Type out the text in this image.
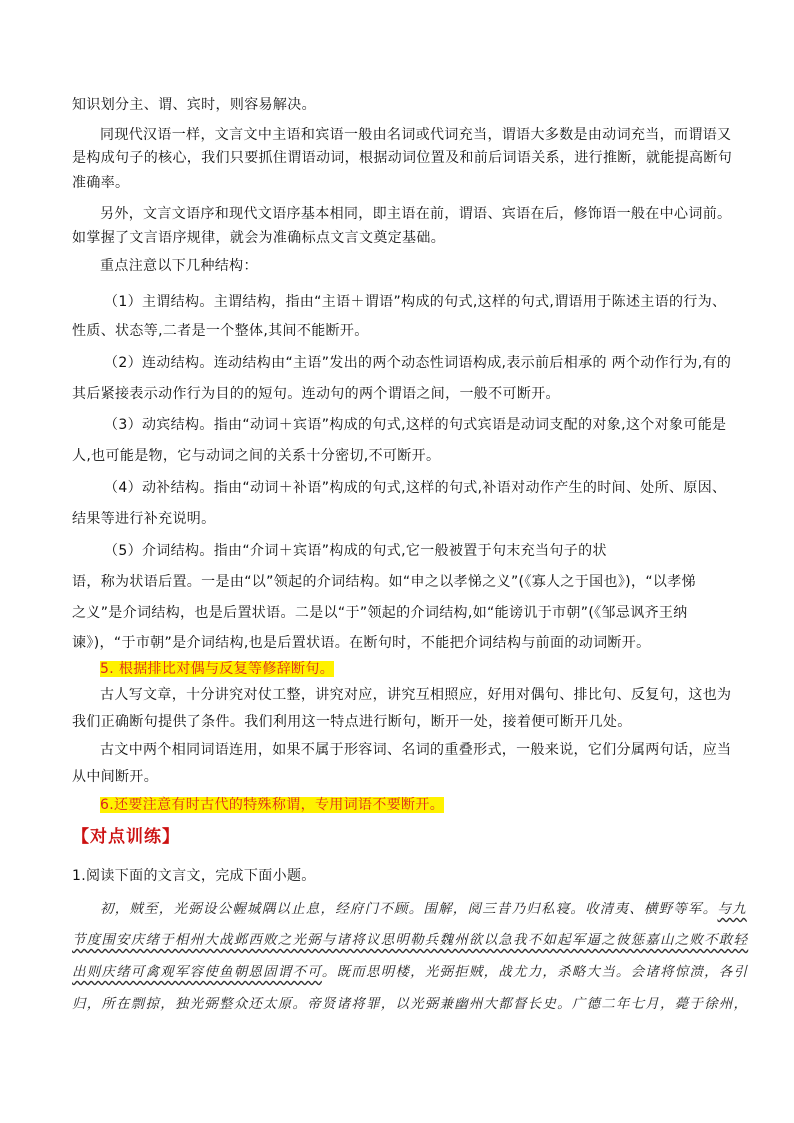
知识划分主、谓、宾时，则容易解决。
同现代汉语一样，文言文中主语和宾语一般由名词或代词充当，谓语大多数是由动词充当，而谓语又
是构成句子的核心，我们只要抓住谓语动词，根据动词位置及和前后词语关系，进行推断，就能提高断句
准确率。
另外，文言文语序和现代文语序基本相同，即主语在前，谓语、宾语在后，修饰语一般在中心词前。
如掌握了文言语序规律，就会为准确标点文言文奠定基础。
重点注意以下几种结构：
（1）主谓结构。主谓结构，指由“主语＋谓语”构成的句式,这样的句式,谓语用于陈述主语的行为、
性质、状态等,二者是一个整体,其间不能断开。
（2）连动结构。连动结构由“主语”发出的两个动态性词语构成,表示前后相承的 两个动作行为,有的
其后紧接表示动作行为目的的短句。连动句的两个谓语之间，一般不可断开。
（3）动宾结构。指由“动词＋宾语”构成的句式,这样的句式宾语是动词支配的对象,这个对象可能是
人,也可能是物，它与动词之间的关系十分密切,不可断开。
（4）动补结构。指由“动词＋补语”构成的句式,这样的句式,补语对动作产生的时间、处所、原因、
结果等进行补充说明。
（5）介词结构。指由“介词＋宾语”构成的句式,它一般被置于句末充当句子的状
语，称为状语后置。一是由“以”领起的介词结构。如“申之以孝悌之义”(《寡人之于国也》)，“以孝悌
之义”是介词结构，也是后置状语。二是以“于”领起的介词结构,如“能谤讥于市朝”(《邹忌讽齐王纳
谏》)，“于市朝”是介词结构,也是后置状语。在断句时，不能把介词结构与前面的动词断开。
5. 根据排比对偶与反复等修辞断句。
古人写文章，十分讲究对仗工整，讲究对应，讲究互相照应，好用对偶句、排比句、反复句，这也为
我们正确断句提供了条件。我们利用这一特点进行断句，断开一处，接着便可断开几处。
古文中两个相同词语连用，如果不属于形容词、名词的重叠形式，一般来说，它们分属两句话，应当
从中间断开。
6.还要注意有时古代的特殊称谓，专用词语不要断开。
【对点训练】
1.阅读下面的文言文，完成下面小题。
初，贼至，光弼设公幄城隅以止息，经府门不顾。围解，阅三昔乃归私寝。收清夷、横野等军。与九
节度围安庆绪于相州大战邺西败之光弼与诸将议思明勒兵魏州欲以急我不如起军逼之彼惩嘉山之败不敢轻
出则庆绪可禽观军容使鱼朝恩固谓不可。既而思明楼，光弼拒贼，战尤力，杀略大当。会诸将惊溃，各引
归，所在剽掠，独光弼整众还太原。帝贤诸将罪，以光弼兼幽州大都督长史。广德二年七月，薨于徐州，
